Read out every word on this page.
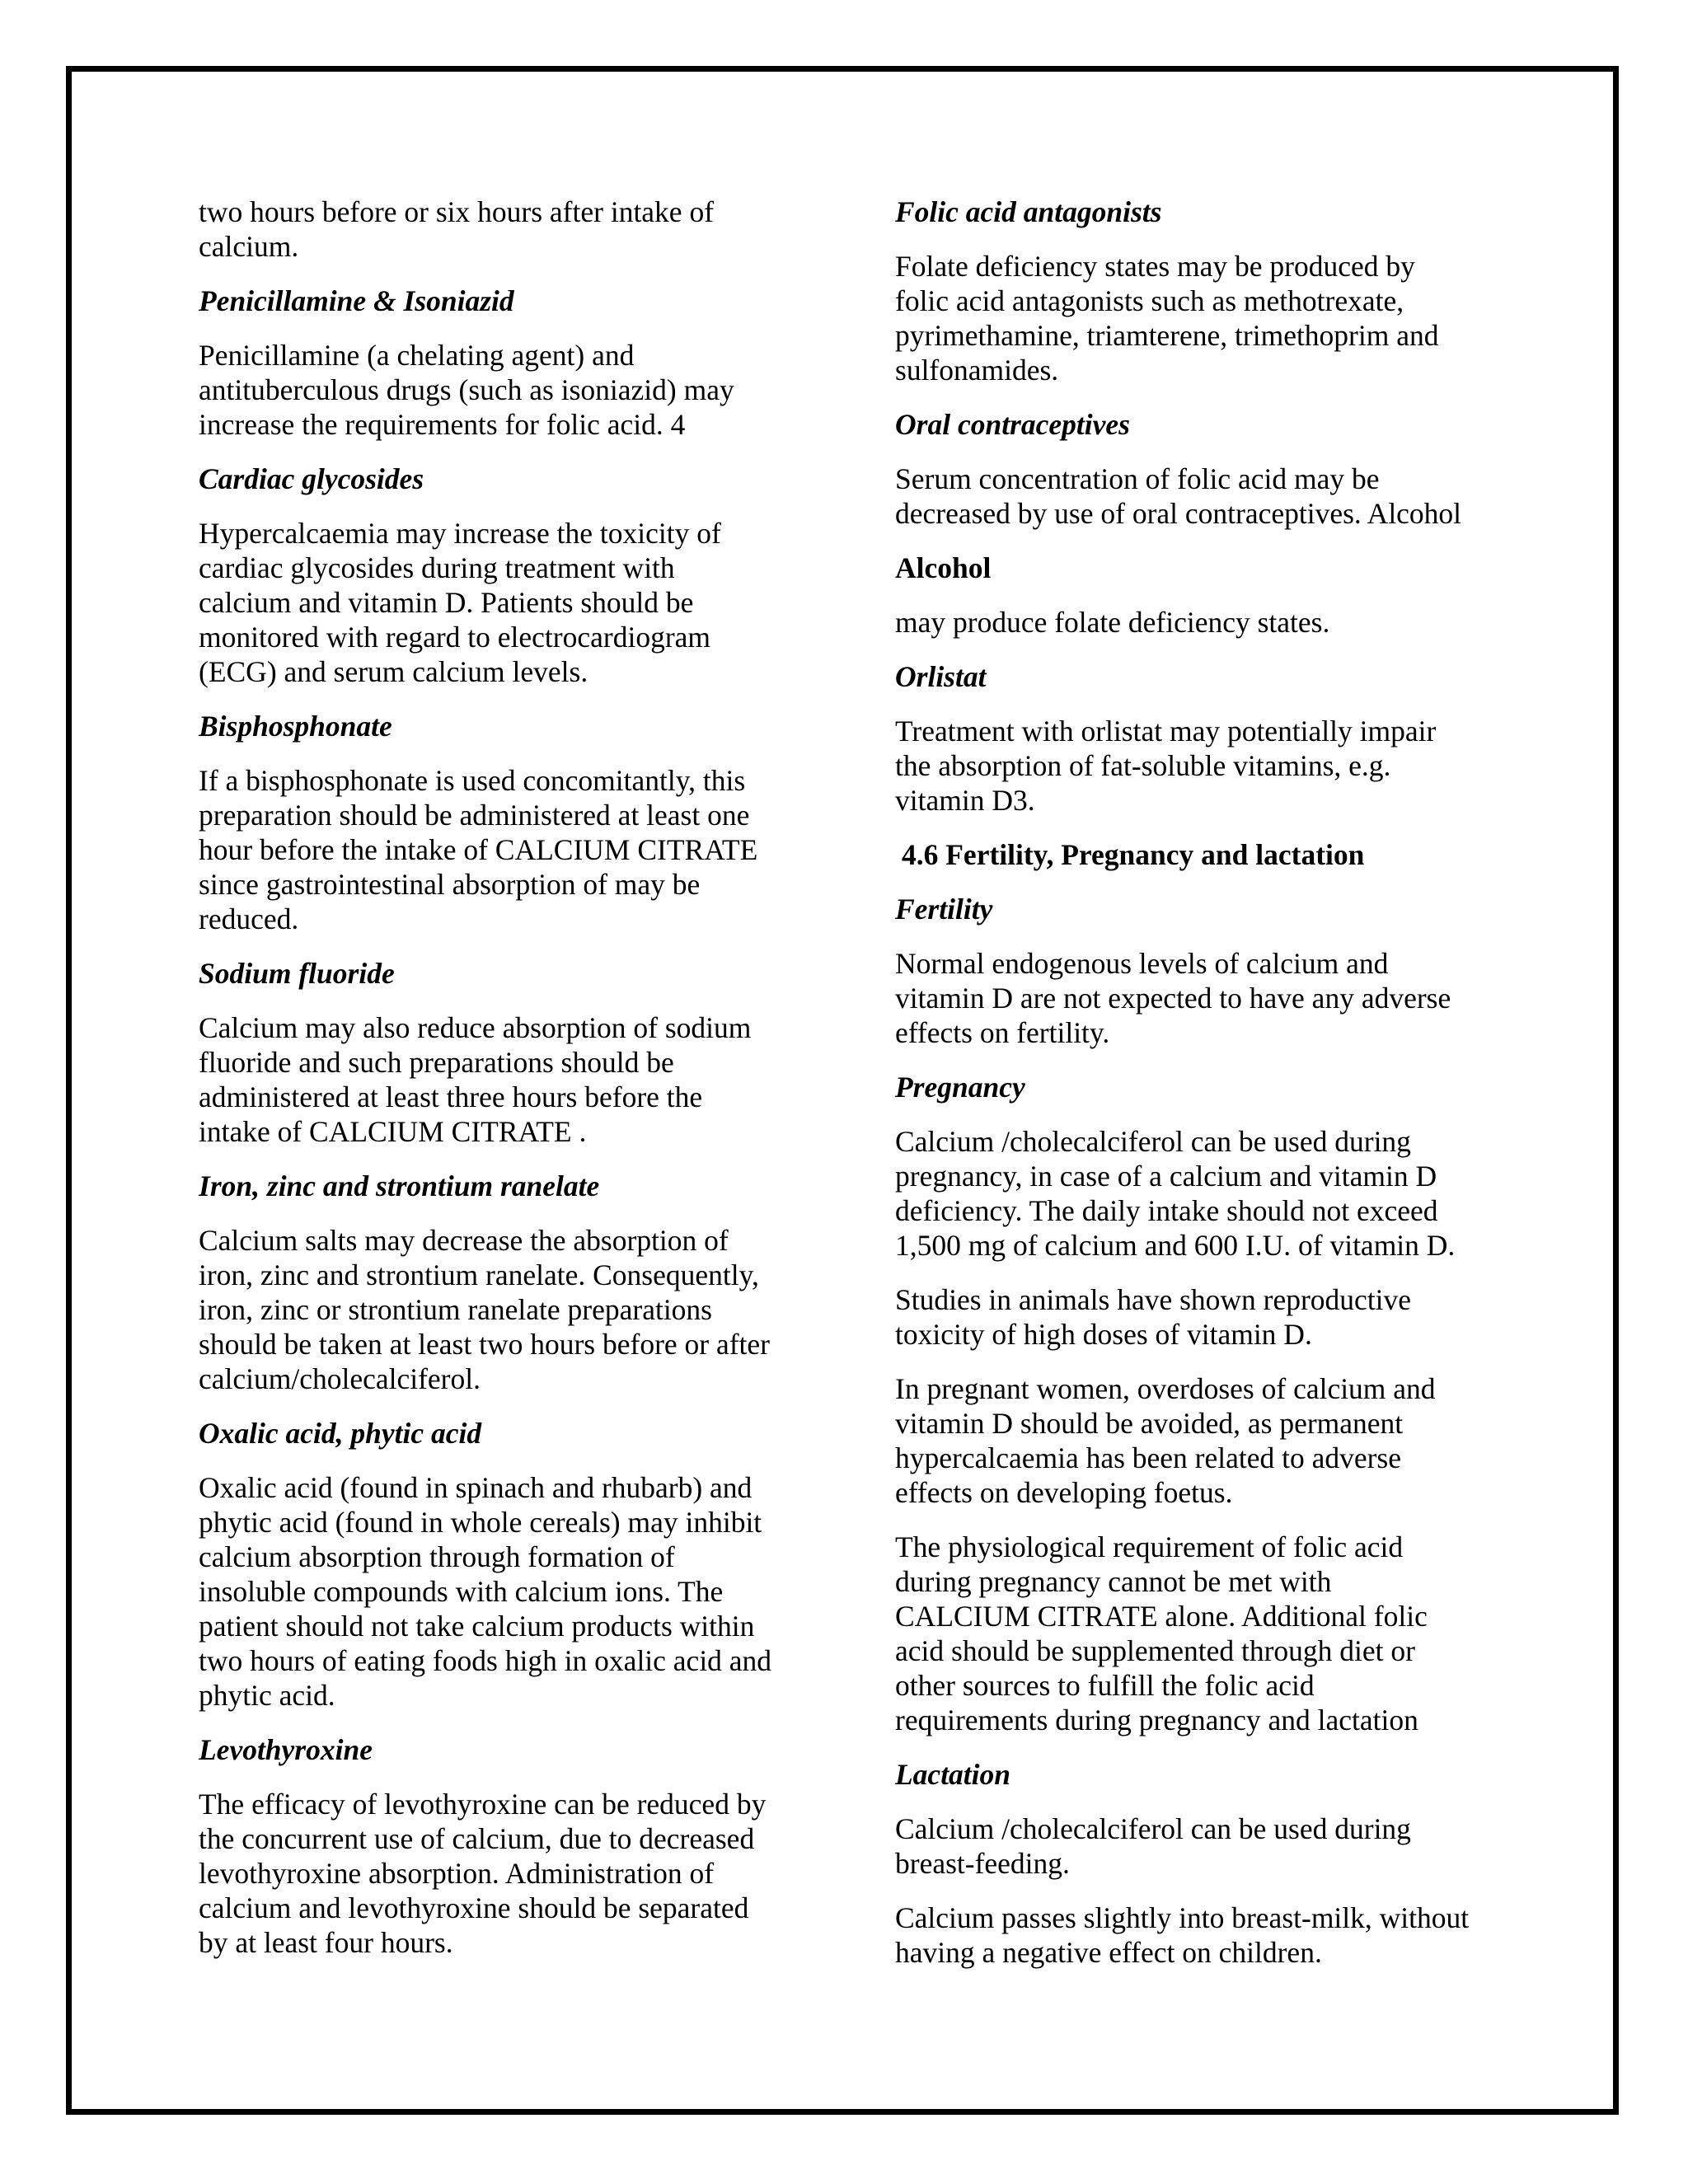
two hours before or six hours after intake of
calcium.

Penicillamine & Isoniazid

Penicillamine (a chelating agent) and
antituberculous drugs (such as isoniazid) may
increase the requirements for folic acid. 4

Cardiac glycosides

Hypercalcaemia may increase the toxicity of
cardiac glycosides during treatment with
calcium and vitamin D. Patients should be
monitored with regard to electrocardiogram
(ECG) and serum calcium levels.

Bisphosphonate

If a bisphosphonate is used concomitantly, this
preparation should be administered at least one
hour before the intake of CALCIUM CITRATE
since gastrointestinal absorption of may be
reduced.

Sodium fluoride

Calcium may also reduce absorption of sodium
fluoride and such preparations should be
administered at least three hours before the
intake of CALCIUM CITRATE .

Iron, zinc and strontium ranelate

Calcium salts may decrease the absorption of
iron, zinc and strontium ranelate. Consequently,
iron, zinc or strontium ranelate preparations
should be taken at least two hours before or after
calcium/cholecalciferol.

Oxalic acid, phytic acid

Oxalic acid (found in spinach and rhubarb) and
phytic acid (found in whole cereals) may inhibit
calcium absorption through formation of
insoluble compounds with calcium ions. The
patient should not take calcium products within
two hours of eating foods high in oxalic acid and
phytic acid.

Levothyroxine

The efficacy of levothyroxine can be reduced by
the concurrent use of calcium, due to decreased
levothyroxine absorption. Administration of
calcium and levothyroxine should be separated
by at least four hours.

Folic acid antagonists

Folate deficiency states may be produced by
folic acid antagonists such as methotrexate,
pyrimethamine, triamterene, trimethoprim and
sulfonamides.

Oral contraceptives

Serum concentration of folic acid may be
decreased by use of oral contraceptives. Alcohol

Alcohol

may produce folate deficiency states.

Orlistat

Treatment with orlistat may potentially impair
the absorption of fat-soluble vitamins, e.g.
vitamin D3.

4.6 Fertility, Pregnancy and lactation

Fertility

Normal endogenous levels of calcium and
vitamin D are not expected to have any adverse
effects on fertility.

Pregnancy

Calcium /cholecalciferol can be used during
pregnancy, in case of a calcium and vitamin D
deficiency. The daily intake should not exceed
1,500 mg of calcium and 600 I.U. of vitamin D.

Studies in animals have shown reproductive
toxicity of high doses of vitamin D.

In pregnant women, overdoses of calcium and
vitamin D should be avoided, as permanent
hypercalcaemia has been related to adverse
effects on developing foetus.

The physiological requirement of folic acid
during pregnancy cannot be met with
CALCIUM CITRATE alone. Additional folic
acid should be supplemented through diet or
other sources to fulfill the folic acid
requirements during pregnancy and lactation

Lactation

Calcium /cholecalciferol can be used during
breast-feeding.

Calcium passes slightly into breast-milk, without
having a negative effect on children.
